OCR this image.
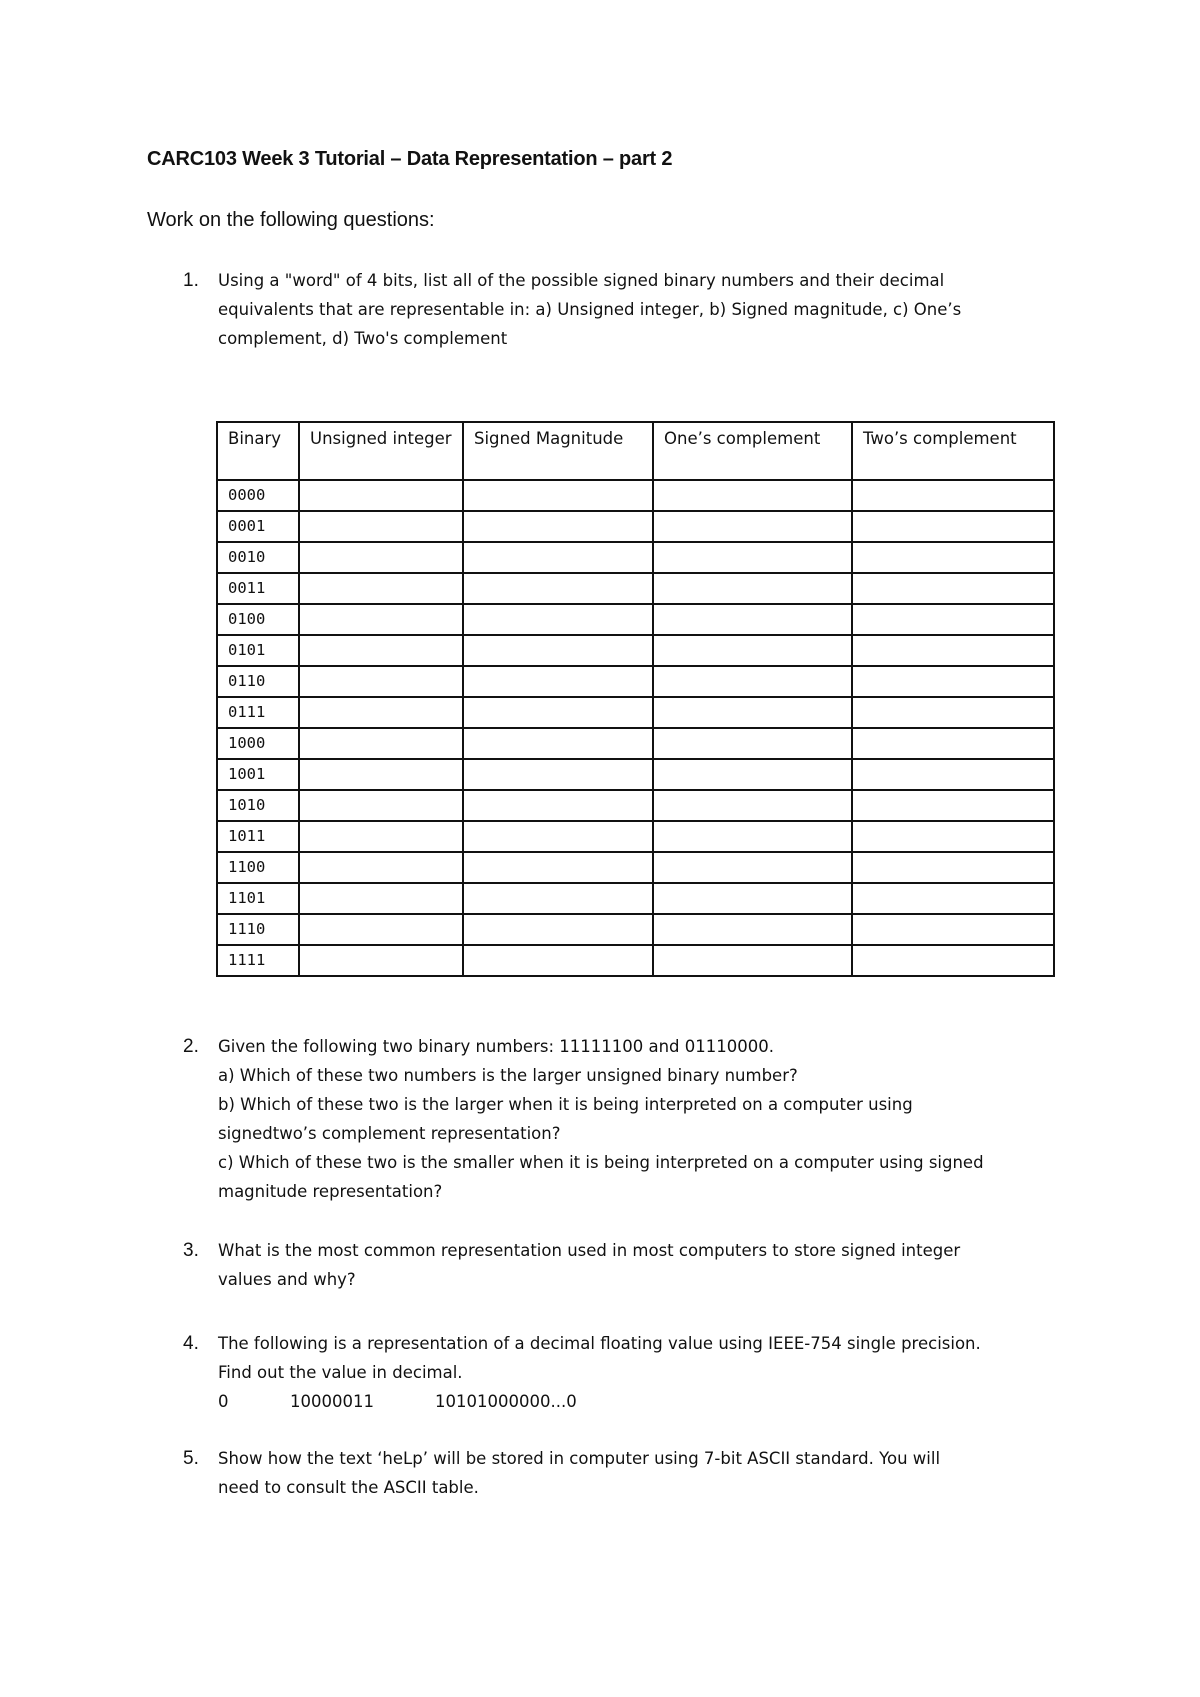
CARC103 Week 3 Tutorial – Data Representation – part 2
Work on the following questions:
1. Using a "word" of 4 bits, list all of the possible signed binary numbers and their decimal
equivalents that are representable in: a) Unsigned integer, b) Signed magnitude, c) One’s
complement, d) Two's complement
Binary	Unsigned integer	Signed Magnitude	One’s complement	Two’s complement
0000				
0001				
0010				
0011				
0100				
0101				
0110				
0111				
1000				
1001				
1010				
1011				
1100				
1101				
1110				
1111				
2. Given the following two binary numbers: 11111100 and 01110000.
a) Which of these two numbers is the larger unsigned binary number?
b) Which of these two is the larger when it is being interpreted on a computer using
signedtwo’s complement representation?
c) Which of these two is the smaller when it is being interpreted on a computer using signed
magnitude representation?
3. What is the most common representation used in most computers to store signed integer
values and why?
4. The following is a representation of a decimal floating value using IEEE-754 single precision.
Find out the value in decimal.
0	10000011	10101000000...0
5. Show how the text ‘heLp’ will be stored in computer using 7-bit ASCII standard. You will
need to consult the ASCII table.
